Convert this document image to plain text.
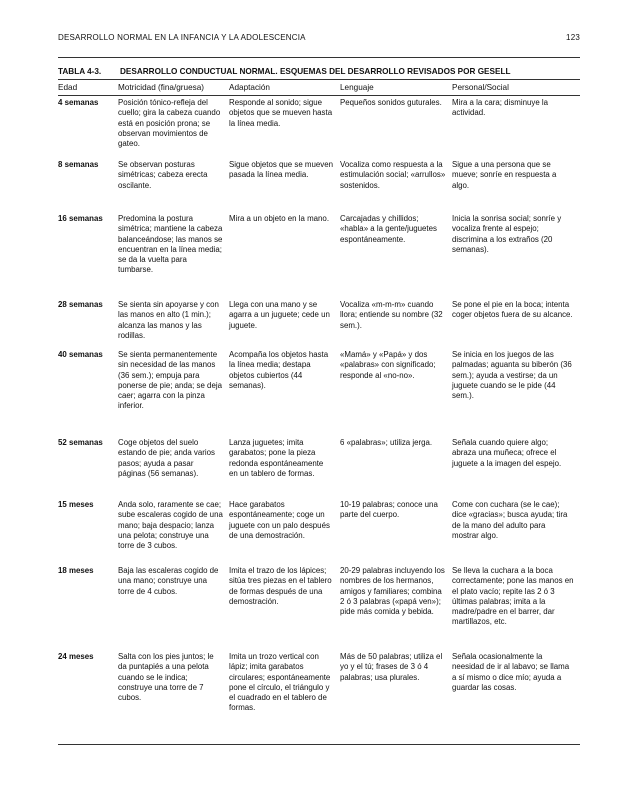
DESARROLLO NORMAL EN LA INFANCIA Y LA ADOLESCENCIA	123
TABLA 4-3. DESARROLLO CONDUCTUAL NORMAL. ESQUEMAS DEL DESARROLLO REVISADOS POR GESELL
Edad	Motricidad (fina/gruesa)	Adaptación	Lenguaje	Personal/Social
4 semanas	Posición tónico-refleja del cuello; gira la cabeza cuando está en posición prona; se observan movimientos de gateo.	Responde al sonido; sigue objetos que se mueven hasta la línea media.	Pequeños sonidos guturales.	Mira a la cara; disminuye la actividad.
8 semanas	Se observan posturas simétricas; cabeza erecta oscilante.	Sigue objetos que se mueven pasada la línea media.	Vocaliza como respuesta a la estimulación social; «arrullos» sostenidos.	Sigue a una persona que se mueve; sonríe en respuesta a algo.
16 semanas	Predomina la postura simétrica; mantiene la cabeza balanceándose; las manos se encuentran en la línea media; se da la vuelta para tumbarse.	Mira a un objeto en la mano.	Carcajadas y chillidos; «habla» a la gente/juguetes espontáneamente.	Inicia la sonrisa social; sonríe y vocaliza frente al espejo; discrimina a los extraños (20 semanas).
28 semanas	Se sienta sin apoyarse y con las manos en alto (1 min.); alcanza las manos y las rodillas.	Llega con una mano y se agarra a un juguete; cede un juguete.	Vocaliza «m-m-m» cuando llora; entiende su nombre (32 sem.).	Se pone el pie en la boca; intenta coger objetos fuera de su alcance.
40 semanas	Se sienta permanentemente sin necesidad de las manos (36 sem.); empuja para ponerse de pie; anda; se deja caer; agarra con la pinza inferior.	Acompaña los objetos hasta la línea media; destapa objetos cubiertos (44 semanas).	«Mamá» y «Papá» y dos «palabras» con significado; responde al «no-no».	Se inicia en los juegos de las palmadas; aguanta su biberón (36 sem.); ayuda a vestirse; da un juguete cuando se le pide (44 sem.).
52 semanas	Coge objetos del suelo estando de pie; anda varios pasos; ayuda a pasar páginas (56 semanas).	Lanza juguetes; imita garabatos; pone la pieza redonda espontáneamente en un tablero de formas.	6 «palabras»; utiliza jerga.	Señala cuando quiere algo; abraza una muñeca; ofrece el juguete a la imagen del espejo.
15 meses	Anda solo, raramente se cae; sube escaleras cogido de una mano; baja despacio; lanza una pelota; construye una torre de 3 cubos.	Hace garabatos espontáneamente; coge un juguete con un palo después de una demostración.	10-19 palabras; conoce una parte del cuerpo.	Come con cuchara (se le cae); dice «gracias»; busca ayuda; tira de la mano del adulto para mostrar algo.
18 meses	Baja las escaleras cogido de una mano; construye una torre de 4 cubos.	Imita el trazo de los lápices; sitúa tres piezas en el tablero de formas después de una demostración.	20-29 palabras incluyendo los nombres de los hermanos, amigos y familiares; combina 2 ó 3 palabras («papá ven»); pide más comida y bebida.	Se lleva la cuchara a la boca correctamente; pone las manos en el plato vacío; repite las 2 ó 3 últimas palabras; imita a la madre/padre en el barrer, dar martillazos, etc.
24 meses	Salta con los pies juntos; le da puntapiés a una pelota cuando se le indica; construye una torre de 7 cubos.	Imita un trozo vertical con lápiz; imita garabatos circulares; espontáneamente pone el círculo, el triángulo y el cuadrado en el tablero de formas.	Más de 50 palabras; utiliza el yo y el tú; frases de 3 ó 4 palabras; usa plurales.	Señala ocasionalmente la neesidad de ir al labavo; se llama a sí mismo o dice mío; ayuda a guardar las cosas.
